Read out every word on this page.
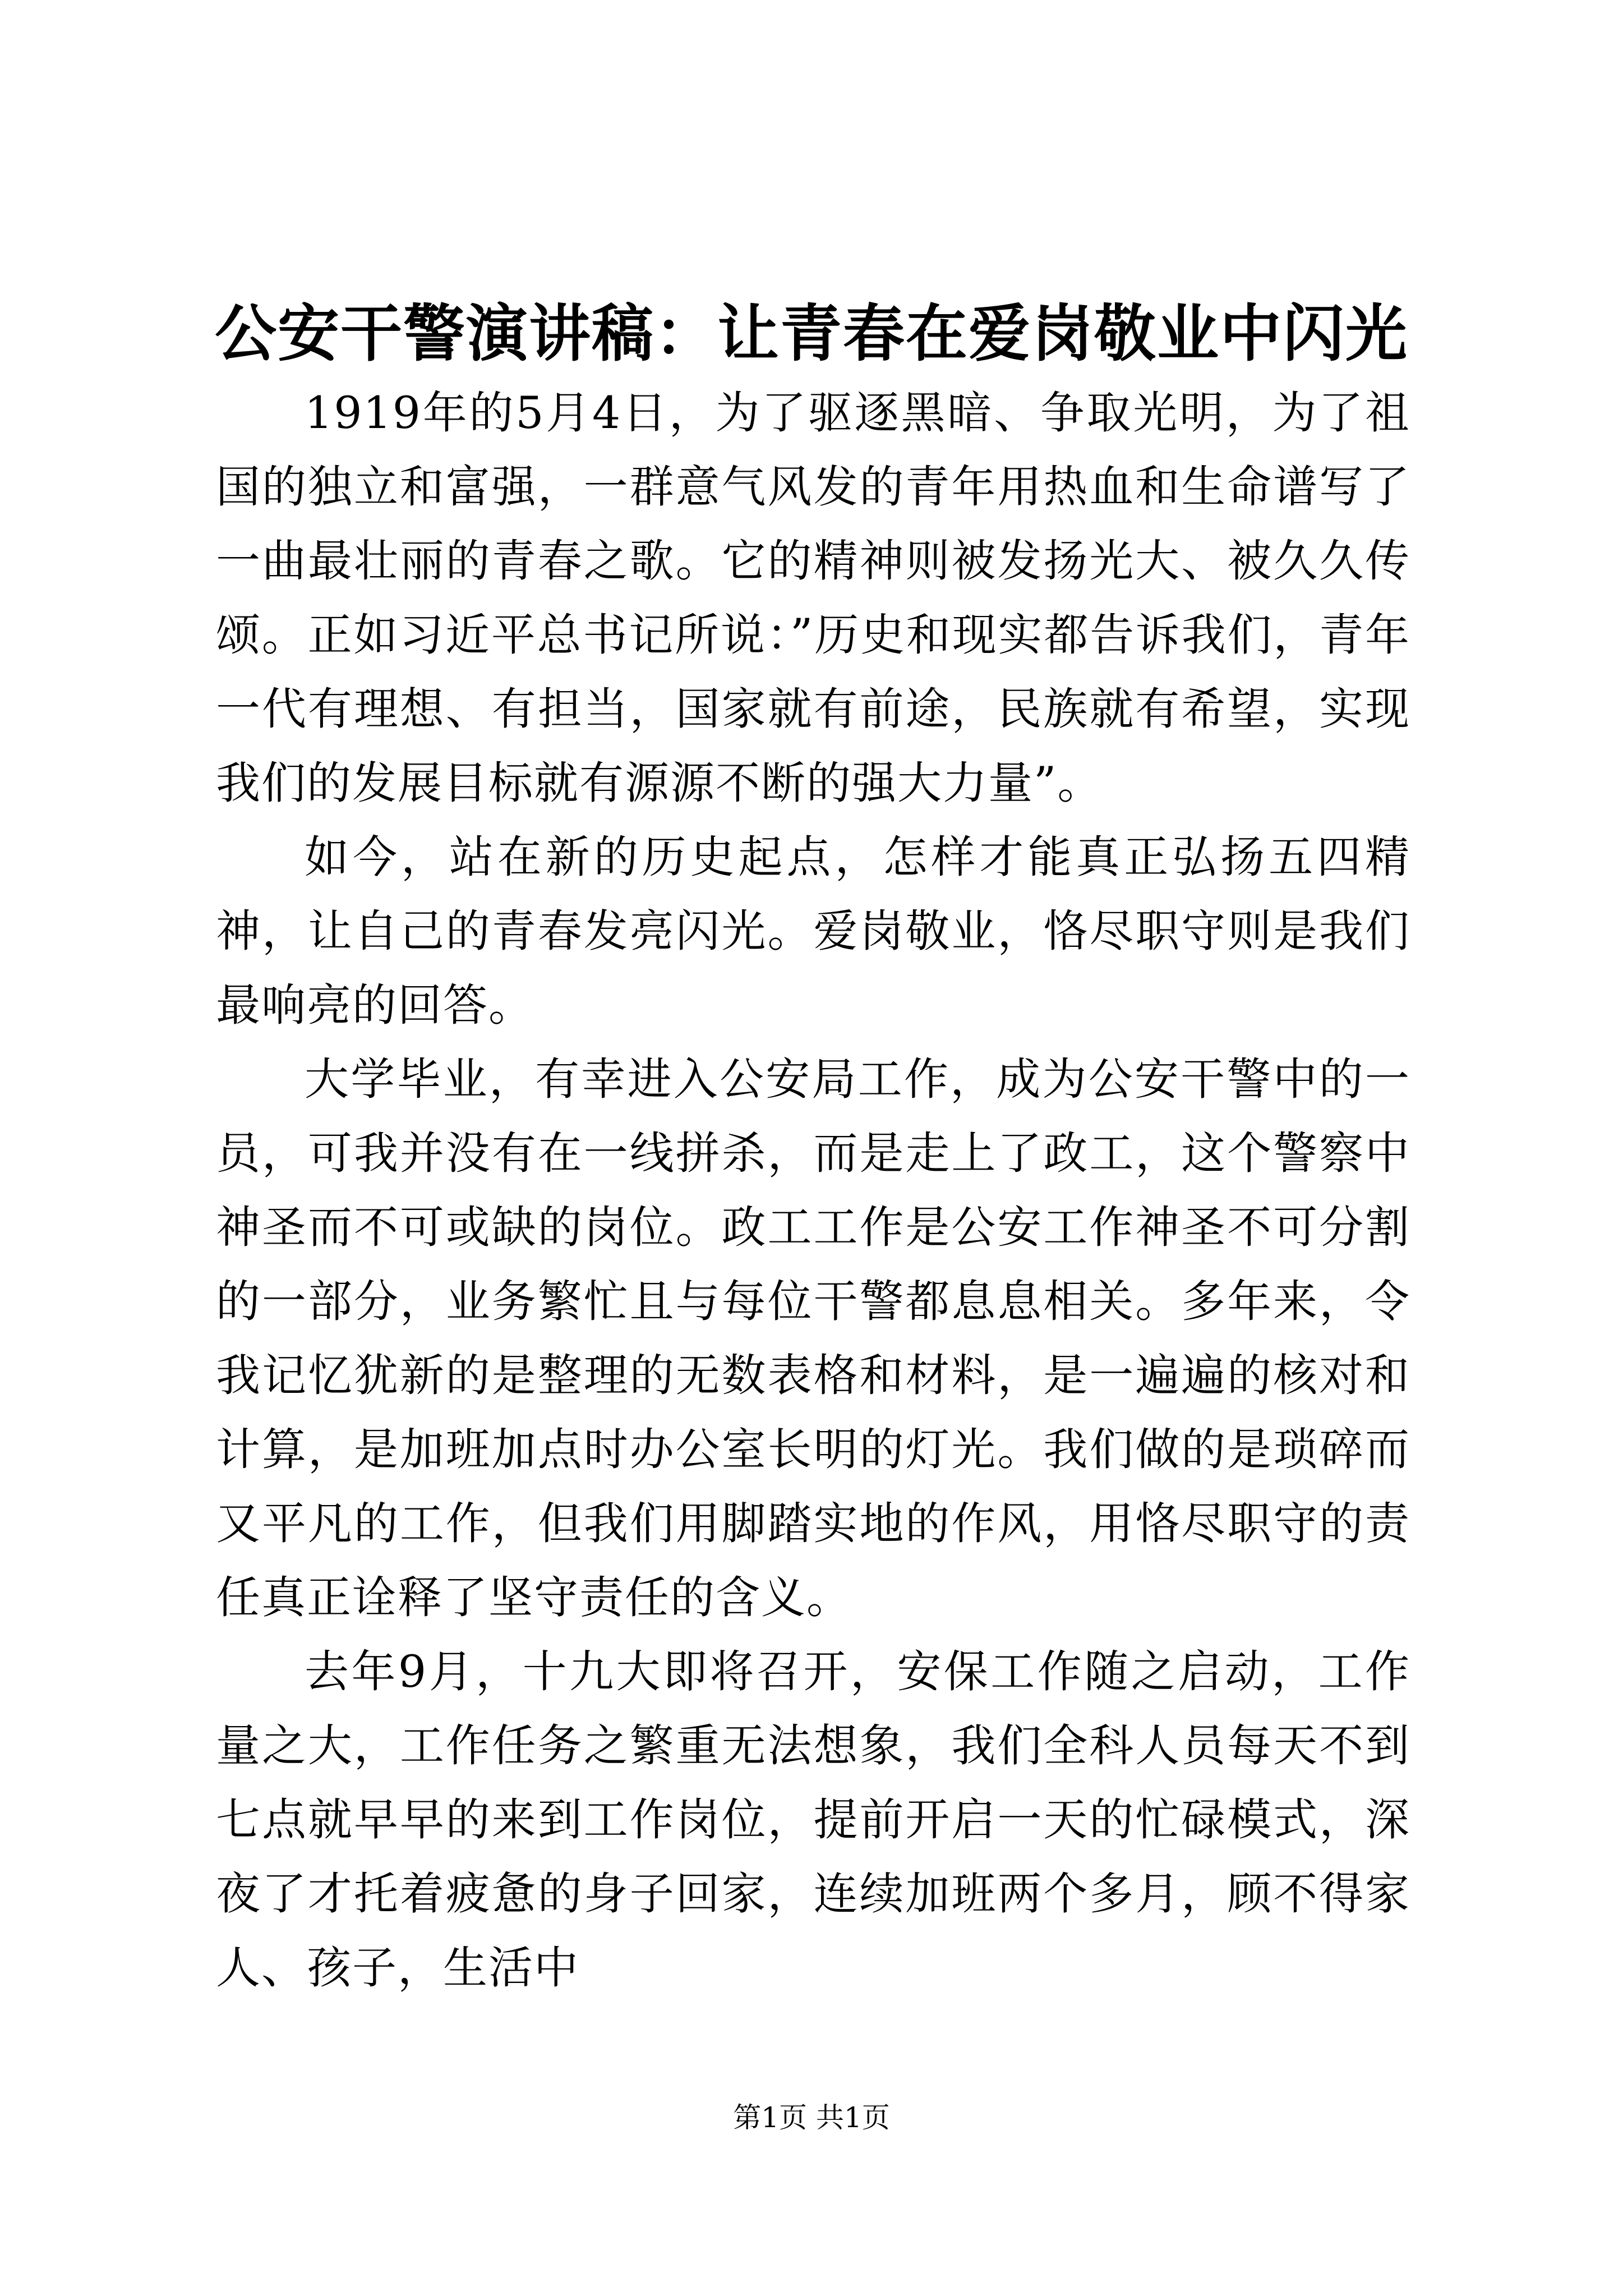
公安干警演讲稿：让青春在爱岗敬业中闪光

1919年的5月4日，为了驱逐黑暗、争取光明，为了祖国的独立和富强，一群意气风发的青年用热血和生命谱写了一曲最壮丽的青春之歌。它的精神则被发扬光大、被久久传颂。正如习近平总书记所说：”历史和现实都告诉我们，青年一代有理想、有担当，国家就有前途，民族就有希望，实现我们的发展目标就有源源不断的强大力量”。

如今，站在新的历史起点，怎样才能真正弘扬五四精神，让自己的青春发亮闪光。爱岗敬业，恪尽职守则是我们最响亮的回答。

大学毕业，有幸进入公安局工作，成为公安干警中的一员，可我并没有在一线拼杀，而是走上了政工，这个警察中神圣而不可或缺的岗位。政工工作是公安工作神圣不可分割的一部分，业务繁忙且与每位干警都息息相关。多年来，令我记忆犹新的是整理的无数表格和材料，是一遍遍的核对和计算，是加班加点时办公室长明的灯光。我们做的是琐碎而又平凡的工作，但我们用脚踏实地的作风，用恪尽职守的责任真正诠释了坚守责任的含义。

去年9月，十九大即将召开，安保工作随之启动，工作量之大，工作任务之繁重无法想象，我们全科人员每天不到七点就早早的来到工作岗位，提前开启一天的忙碌模式，深夜了才托着疲惫的身子回家，连续加班两个多月，顾不得家人、孩子，生活中

第1页 共1页
